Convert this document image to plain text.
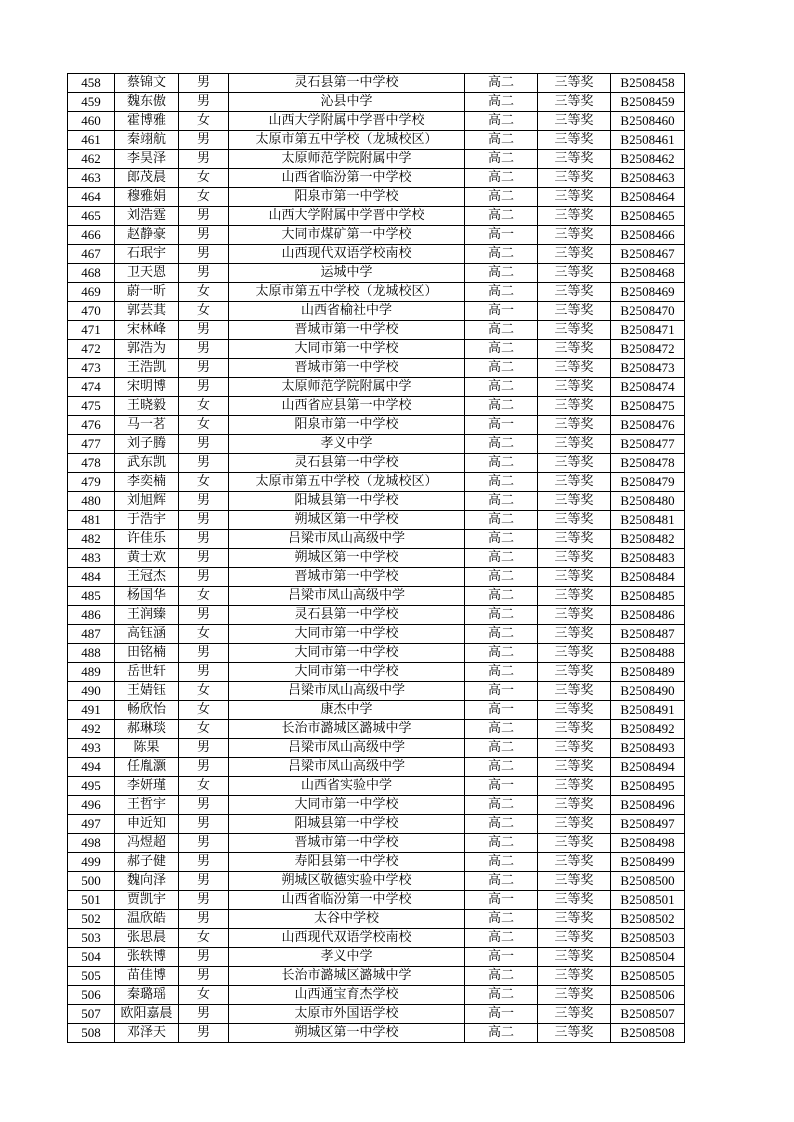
458	蔡锦文	男	灵石县第一中学校	高二	三等奖	B2508458
459	魏东傲	男	沁县中学	高二	三等奖	B2508459
460	霍博雅	女	山西大学附属中学晋中学校	高二	三等奖	B2508460
461	秦翊航	男	太原市第五中学校（龙城校区）	高二	三等奖	B2508461
462	李昊泽	男	太原师范学院附属中学	高二	三等奖	B2508462
463	郎茂晨	女	山西省临汾第一中学校	高二	三等奖	B2508463
464	穆雅娟	女	阳泉市第一中学校	高二	三等奖	B2508464
465	刘浩霆	男	山西大学附属中学晋中学校	高二	三等奖	B2508465
466	赵静豪	男	大同市煤矿第一中学校	高一	三等奖	B2508466
467	石珉宇	男	山西现代双语学校南校	高二	三等奖	B2508467
468	卫天恩	男	运城中学	高二	三等奖	B2508468
469	蔚一昕	女	太原市第五中学校（龙城校区）	高二	三等奖	B2508469
470	郭芸萁	女	山西省榆社中学	高一	三等奖	B2508470
471	宋林峰	男	晋城市第一中学校	高二	三等奖	B2508471
472	郭浩为	男	大同市第一中学校	高二	三等奖	B2508472
473	王浩凯	男	晋城市第一中学校	高二	三等奖	B2508473
474	宋明博	男	太原师范学院附属中学	高二	三等奖	B2508474
475	王晓毅	女	山西省应县第一中学校	高二	三等奖	B2508475
476	马一茗	女	阳泉市第一中学校	高一	三等奖	B2508476
477	刘子腾	男	孝义中学	高二	三等奖	B2508477
478	武东凯	男	灵石县第一中学校	高二	三等奖	B2508478
479	李奕楠	女	太原市第五中学校（龙城校区）	高二	三等奖	B2508479
480	刘旭辉	男	阳城县第一中学校	高二	三等奖	B2508480
481	于浩宇	男	朔城区第一中学校	高二	三等奖	B2508481
482	许佳乐	男	吕梁市凤山高级中学	高二	三等奖	B2508482
483	黄士欢	男	朔城区第一中学校	高二	三等奖	B2508483
484	王冠杰	男	晋城市第一中学校	高二	三等奖	B2508484
485	杨国华	女	吕梁市凤山高级中学	高二	三等奖	B2508485
486	王润臻	男	灵石县第一中学校	高二	三等奖	B2508486
487	高钰涵	女	大同市第一中学校	高二	三等奖	B2508487
488	田铭楠	男	大同市第一中学校	高二	三等奖	B2508488
489	岳世轩	男	大同市第一中学校	高二	三等奖	B2508489
490	王婧钰	女	吕梁市凤山高级中学	高一	三等奖	B2508490
491	畅欣怡	女	康杰中学	高一	三等奖	B2508491
492	郝琳琰	女	长治市潞城区潞城中学	高二	三等奖	B2508492
493	陈果	男	吕梁市凤山高级中学	高二	三等奖	B2508493
494	任胤灏	男	吕梁市凤山高级中学	高二	三等奖	B2508494
495	李妍瑾	女	山西省实验中学	高一	三等奖	B2508495
496	王哲宇	男	大同市第一中学校	高二	三等奖	B2508496
497	申近知	男	阳城县第一中学校	高二	三等奖	B2508497
498	冯煜超	男	晋城市第一中学校	高二	三等奖	B2508498
499	郝子健	男	寿阳县第一中学校	高二	三等奖	B2508499
500	魏向泽	男	朔城区敬德实验中学校	高二	三等奖	B2508500
501	贾凯宇	男	山西省临汾第一中学校	高一	三等奖	B2508501
502	温欣皓	男	太谷中学校	高二	三等奖	B2508502
503	张思晨	女	山西现代双语学校南校	高二	三等奖	B2508503
504	张轶博	男	孝义中学	高一	三等奖	B2508504
505	苗佳博	男	长治市潞城区潞城中学	高二	三等奖	B2508505
506	秦璐瑶	女	山西通宝育杰学校	高二	三等奖	B2508506
507	欧阳嘉晨	男	太原市外国语学校	高一	三等奖	B2508507
508	邓泽天	男	朔城区第一中学校	高二	三等奖	B2508508
